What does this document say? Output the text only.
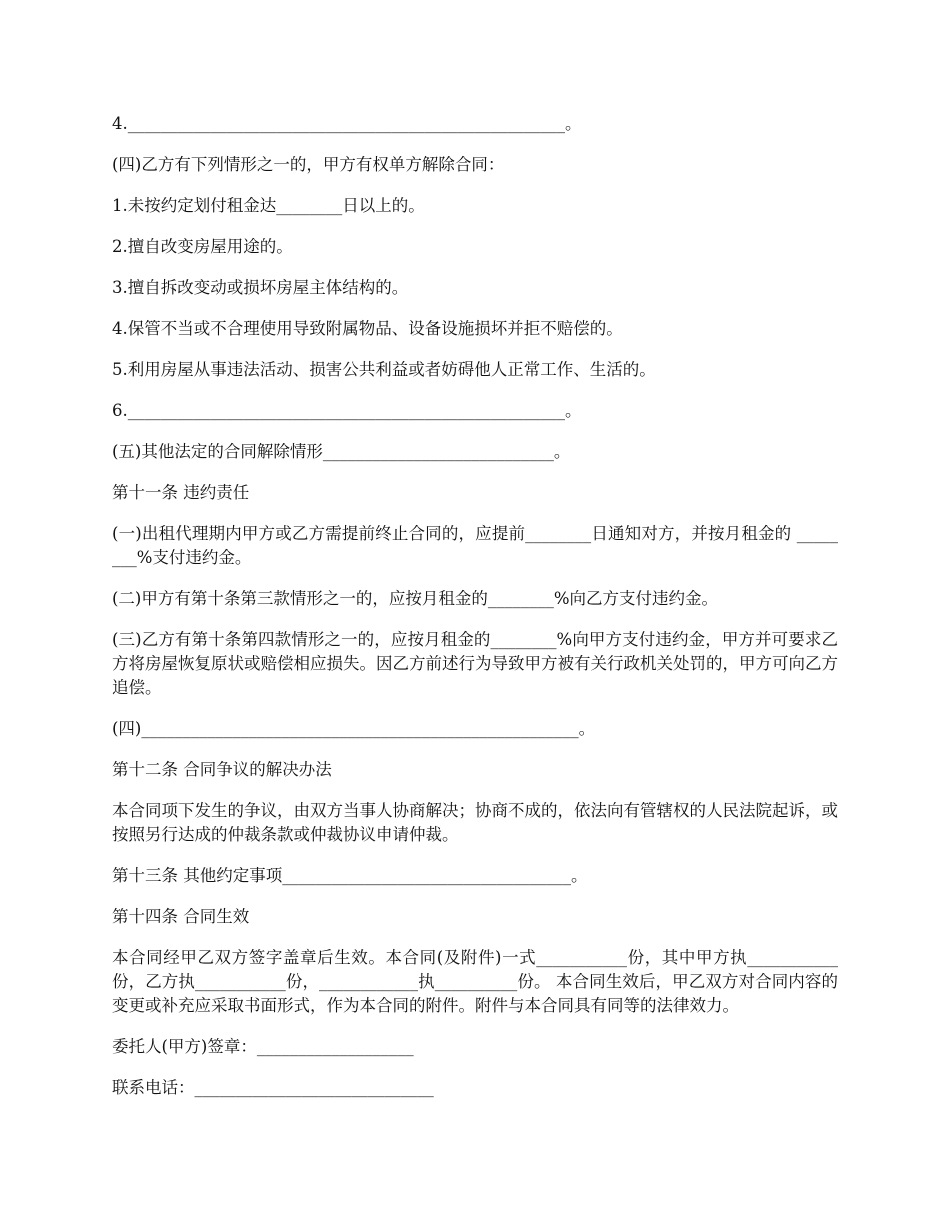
4._____________________________________________________。

(四)乙方有下列情形之一的，甲方有权单方解除合同：

1.未按约定划付租金达________日以上的。

2.擅自改变房屋用途的。

3.擅自拆改变动或损坏房屋主体结构的。

4.保管不当或不合理使用导致附属物品、设备设施损坏并拒不赔偿的。

5.利用房屋从事违法活动、损害公共利益或者妨碍他人正常工作、生活的。

6._____________________________________________________。

(五)其他法定的合同解除情形____________________________。

第十一条 违约责任

(一)出租代理期内甲方或乙方需提前终止合同的，应提前________日通知对方，并按月租金的 ________%支付违约金。

(二)甲方有第十条第三款情形之一的，应按月租金的________%向乙方支付违约金。

(三)乙方有第十条第四款情形之一的，应按月租金的________%向甲方支付违约金，甲方并可要求乙方将房屋恢复原状或赔偿相应损失。因乙方前述行为导致甲方被有关行政机关处罚的，甲方可向乙方追偿。

(四)_____________________________________________________。

第十二条 合同争议的解决办法

本合同项下发生的争议，由双方当事人协商解决；协商不成的，依法向有管辖权的人民法院起诉，或按照另行达成的仲裁条款或仲裁协议申请仲裁。

第十三条 其他约定事项___________________________________。

第十四条 合同生效

本合同经甲乙双方签字盖章后生效。本合同(及附件)一式___________份，其中甲方执___________份，乙方执___________份，____________执__________份。 本合同生效后，甲乙双方对合同内容的变更或补充应采取书面形式，作为本合同的附件。附件与本合同具有同等的法律效力。

委托人(甲方)签章：___________________

联系电话：_____________________________
